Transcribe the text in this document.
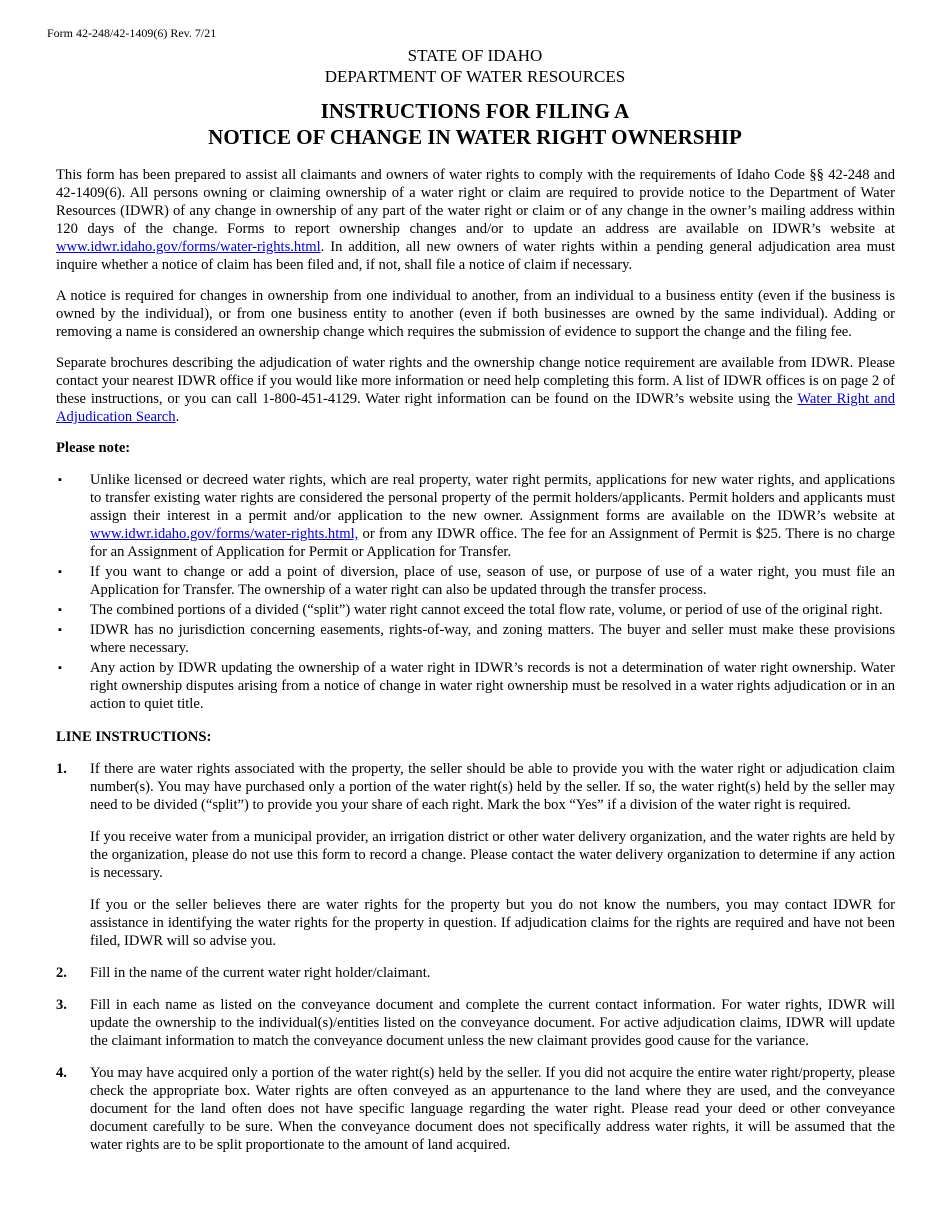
Form 42-248/42-1409(6) Rev. 7/21
STATE OF IDAHO
DEPARTMENT OF WATER RESOURCES
INSTRUCTIONS FOR FILING A
NOTICE OF CHANGE IN WATER RIGHT OWNERSHIP

This form has been prepared to assist all claimants and owners of water rights to comply with the requirements of Idaho Code §§ 42-248 and 42-1409(6). All persons owning or claiming ownership of a water right or claim are required to provide notice to the Department of Water Resources (IDWR) of any change in ownership of any part of the water right or claim or of any change in the owner’s mailing address within 120 days of the change. Forms to report ownership changes and/or to update an address are available on IDWR’s website at www.idwr.idaho.gov/forms/water-rights.html. In addition, all new owners of water rights within a pending general adjudication area must inquire whether a notice of claim has been filed and, if not, shall file a notice of claim if necessary.

A notice is required for changes in ownership from one individual to another, from an individual to a business entity (even if the business is owned by the individual), or from one business entity to another (even if both businesses are owned by the same individual). Adding or removing a name is considered an ownership change which requires the submission of evidence to support the change and the filing fee.

Separate brochures describing the adjudication of water rights and the ownership change notice requirement are available from IDWR. Please contact your nearest IDWR office if you would like more information or need help completing this form. A list of IDWR offices is on page 2 of these instructions, or you can call 1-800-451-4129. Water right information can be found on the IDWR’s website using the Water Right and Adjudication Search.

Please note:
▪ Unlike licensed or decreed water rights, which are real property, water right permits, applications for new water rights, and applications to transfer existing water rights are considered the personal property of the permit holders/applicants. Permit holders and applicants must assign their interest in a permit and/or application to the new owner. Assignment forms are available on the IDWR’s website at www.idwr.idaho.gov/forms/water-rights.html, or from any IDWR office. The fee for an Assignment of Permit is $25. There is no charge for an Assignment of Application for Permit or Application for Transfer.
▪ If you want to change or add a point of diversion, place of use, season of use, or purpose of use of a water right, you must file an Application for Transfer. The ownership of a water right can also be updated through the transfer process.
▪ The combined portions of a divided (“split”) water right cannot exceed the total flow rate, volume, or period of use of the original right.
▪ IDWR has no jurisdiction concerning easements, rights-of-way, and zoning matters. The buyer and seller must make these provisions where necessary.
▪ Any action by IDWR updating the ownership of a water right in IDWR’s records is not a determination of water right ownership. Water right ownership disputes arising from a notice of change in water right ownership must be resolved in a water rights adjudication or in an action to quiet title.
LINE INSTRUCTIONS:
1. If there are water rights associated with the property, the seller should be able to provide you with the water right or adjudication claim number(s). You may have purchased only a portion of the water right(s) held by the seller. If so, the water right(s) held by the seller may need to be divided (“split”) to provide you your share of each right. Mark the box “Yes” if a division of the water right is required.

If you receive water from a municipal provider, an irrigation district or other water delivery organization, and the water rights are held by the organization, please do not use this form to record a change. Please contact the water delivery organization to determine if any action is necessary.

If you or the seller believes there are water rights for the property but you do not know the numbers, you may contact IDWR for assistance in identifying the water rights for the property in question. If adjudication claims for the rights are required and have not been filed, IDWR will so advise you.

2. Fill in the name of the current water right holder/claimant.

3. Fill in each name as listed on the conveyance document and complete the current contact information. For water rights, IDWR will update the ownership to the individual(s)/entities listed on the conveyance document. For active adjudication claims, IDWR will update the claimant information to match the conveyance document unless the new claimant provides good cause for the variance.

4. You may have acquired only a portion of the water right(s) held by the seller. If you did not acquire the entire water right/property, please check the appropriate box. Water rights are often conveyed as an appurtenance to the land where they are used, and the conveyance document for the land often does not have specific language regarding the water right. Please read your deed or other conveyance document carefully to be sure. When the conveyance document does not specifically address water rights, it will be assumed that the water rights are to be split proportionate to the amount of land acquired.
